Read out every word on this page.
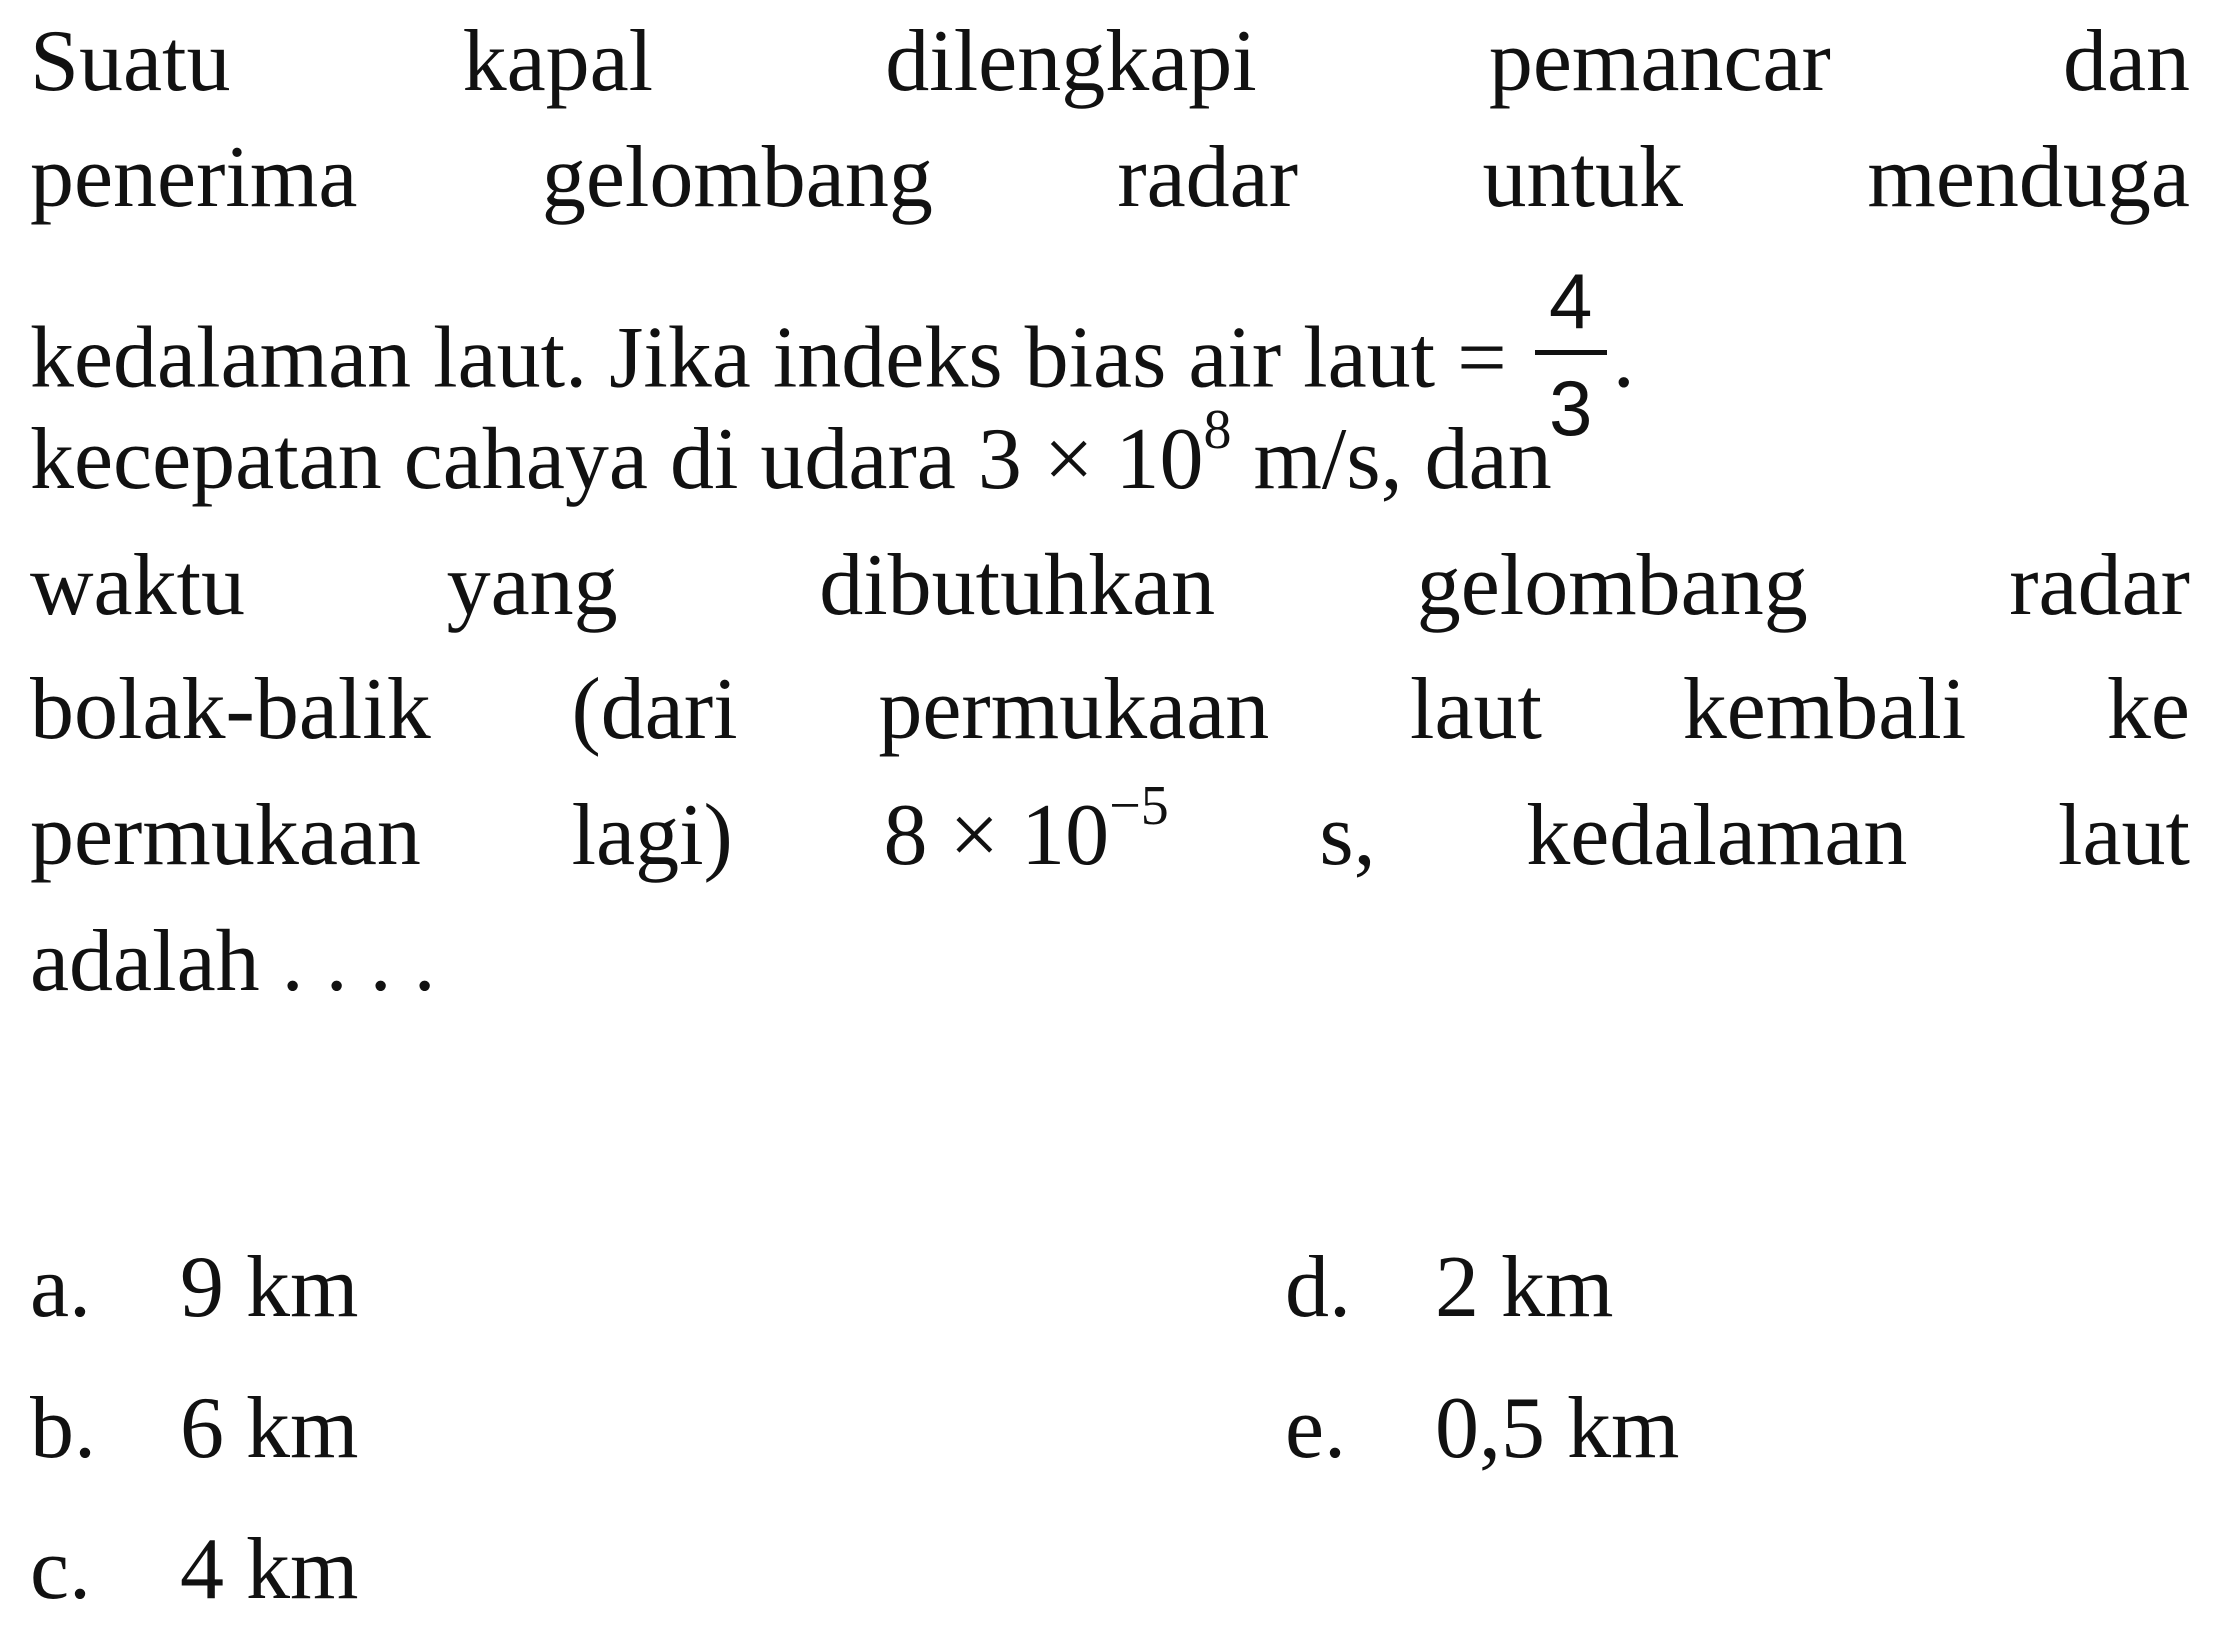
Suatu	kapal	dilengkapi	pemancar	dan
penerima gelombang radar untuk menduga
kedalaman laut. Jika indeks bias air laut =
4
3
.
kecepatan cahaya di udara $3 \times 10^8$ m/s, dan
waktu yang dibutuhkan gelombang radar
bolak-balik (dari permukaan laut kembali ke
permukaan lagi) $8 \times 10^{-5}$ s, kedalaman laut
adalah . . . .
a. 9 km	d. 2 km
b. 6 km	e. 0,5 km
c. 4 km
